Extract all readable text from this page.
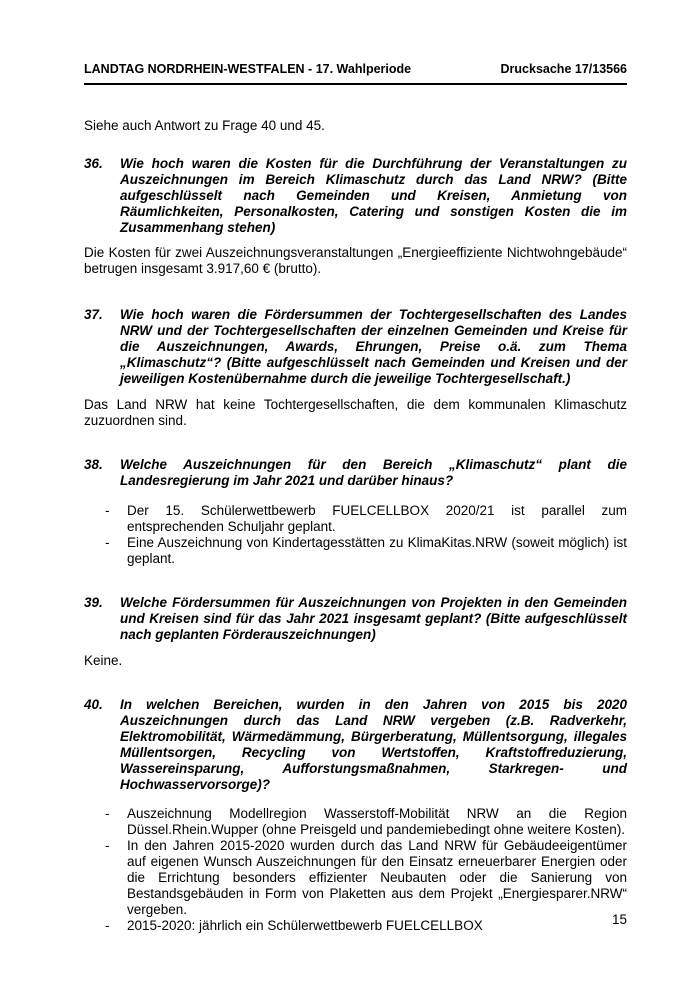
LANDTAG NORDRHEIN-WESTFALEN - 17. Wahlperiode	Drucksache 17/13566

Siehe auch Antwort zu Frage 40 und 45.

36.	Wie hoch waren die Kosten für die Durchführung der Veranstaltungen zu Auszeichnungen im Bereich Klimaschutz durch das Land NRW? (Bitte aufgeschlüsselt nach Gemeinden und Kreisen, Anmietung von Räumlichkeiten, Personalkosten, Catering und sonstigen Kosten die im Zusammenhang stehen)

Die Kosten für zwei Auszeichnungsveranstaltungen „Energieeffiziente Nichtwohngebäude“ betrugen insgesamt 3.917,60 € (brutto).

37.	Wie hoch waren die Fördersummen der Tochtergesellschaften des Landes NRW und der Tochtergesellschaften der einzelnen Gemeinden und Kreise für die Auszeichnungen, Awards, Ehrungen, Preise o.ä. zum Thema „Klimaschutz“? (Bitte aufgeschlüsselt nach Gemeinden und Kreisen und der jeweiligen Kostenübernahme durch die jeweilige Tochtergesellschaft.)

Das Land NRW hat keine Tochtergesellschaften, die dem kommunalen Klimaschutz zuzuordnen sind.

38.	Welche Auszeichnungen für den Bereich „Klimaschutz“ plant die Landesregierung im Jahr 2021 und darüber hinaus?
-	Der 15. Schülerwettbewerb FUELCELLBOX 2020/21 ist parallel zum entsprechenden Schuljahr geplant.
-	Eine Auszeichnung von Kindertagesstätten zu KlimaKitas.NRW (soweit möglich) ist geplant.
39.	Welche Fördersummen für Auszeichnungen von Projekten in den Gemeinden und Kreisen sind für das Jahr 2021 insgesamt geplant? (Bitte aufgeschlüsselt nach geplanten Förderauszeichnungen)

Keine.

40.	In welchen Bereichen, wurden in den Jahren von 2015 bis 2020 Auszeichnungen durch das Land NRW vergeben (z.B. Radverkehr, Elektromobilität, Wärmedämmung, Bürgerberatung, Müllentsorgung, illegales Müllentsorgen, Recycling von Wertstoffen, Kraftstoffreduzierung, Wassereinsparung, Aufforstungsmaßnahmen, Starkregen- und Hochwasservorsorge)?
-	Auszeichnung Modellregion Wasserstoff-Mobilität NRW an die Region Düssel.Rhein.Wupper (ohne Preisgeld und pandemiebedingt ohne weitere Kosten).
-	In den Jahren 2015-2020 wurden durch das Land NRW für Gebäudeeigentümer auf eigenen Wunsch Auszeichnungen für den Einsatz erneuerbarer Energien oder die Errichtung besonders effizienter Neubauten oder die Sanierung von Bestandsgebäuden in Form von Plaketten aus dem Projekt „Energiesparer.NRW“ vergeben.
-	2015-2020: jährlich ein Schülerwettbewerb FUELCELLBOX	15
